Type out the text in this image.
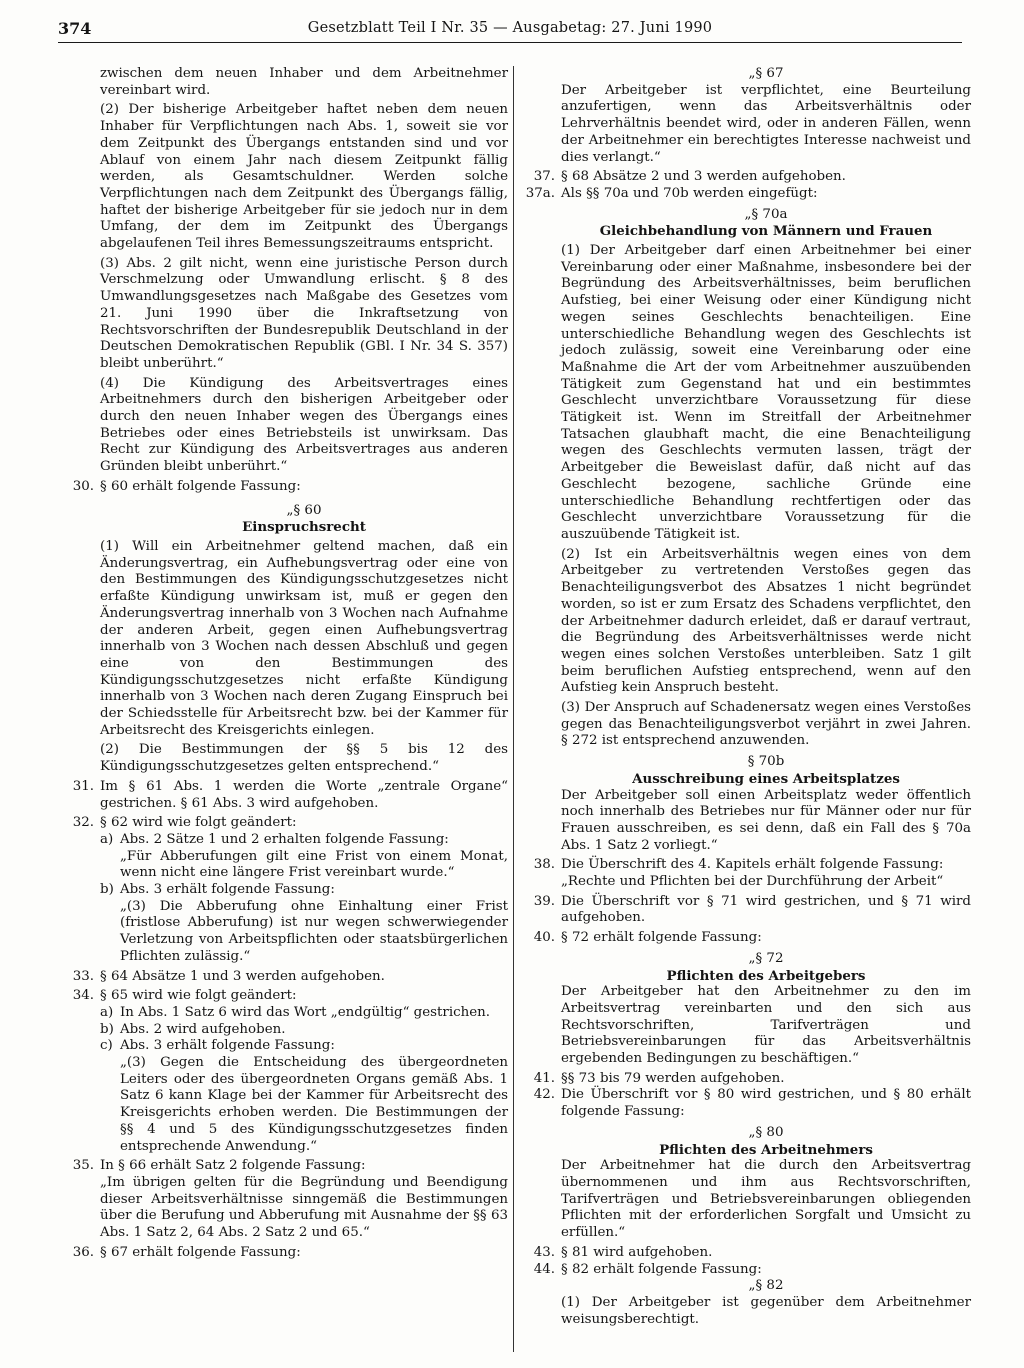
374	Gesetzblatt Teil I Nr. 35 — Ausgabetag: 27. Juni 1990

zwischen dem neuen Inhaber und dem Arbeitnehmer vereinbart wird.

(2) Der bisherige Arbeitgeber haftet neben dem neuen Inhaber für Verpflichtungen nach Abs. 1, soweit sie vor dem Zeitpunkt des Übergangs entstanden sind und vor Ablauf von einem Jahr nach diesem Zeitpunkt fällig werden, als Gesamtschuldner. Werden solche Verpflichtungen nach dem Zeitpunkt des Übergangs fällig, haftet der bisherige Arbeitgeber für sie jedoch nur in dem Umfang, der dem im Zeitpunkt des Übergangs abgelaufenen Teil ihres Bemessungszeitraums entspricht.

(3) Abs. 2 gilt nicht, wenn eine juristische Person durch Verschmelzung oder Umwandlung erlischt. § 8 des Umwandlungsgesetzes nach Maßgabe des Gesetzes vom 21. Juni 1990 über die Inkraftsetzung von Rechtsvorschriften der Bundesrepublik Deutschland in der Deutschen Demokratischen Republik (GBl. I Nr. 34 S. 357) bleibt unberührt.“

(4) Die Kündigung des Arbeitsvertrages eines Arbeitnehmers durch den bisherigen Arbeitgeber oder durch den neuen Inhaber wegen des Übergangs eines Betriebes oder eines Betriebsteils ist unwirksam. Das Recht zur Kündigung des Arbeitsvertrages aus anderen Gründen bleibt unberührt.“

30. § 60 erhält folgende Fassung:
„§ 60
Einspruchsrecht

(1) Will ein Arbeitnehmer geltend machen, daß ein Änderungsvertrag, ein Aufhebungsvertrag oder eine von den Bestimmungen des Kündigungsschutzgesetzes nicht erfaßte Kündigung unwirksam ist, muß er gegen den Änderungsvertrag innerhalb von 3 Wochen nach Aufnahme der anderen Arbeit, gegen einen Aufhebungsvertrag innerhalb von 3 Wochen nach dessen Abschluß und gegen eine von den Bestimmungen des Kündigungsschutzgesetzes nicht erfaßte Kündigung innerhalb von 3 Wochen nach deren Zugang Einspruch bei der Schiedsstelle für Arbeitsrecht bzw. bei der Kammer für Arbeitsrecht des Kreisgerichts einlegen.

(2) Die Bestimmungen der §§ 5 bis 12 des Kündigungsschutzgesetzes gelten entsprechend.“

31. Im § 61 Abs. 1 werden die Worte „zentrale Organe“ gestrichen. § 61 Abs. 3 wird aufgehoben.
32. § 62 wird wie folgt geändert:
a) Abs. 2 Sätze 1 und 2 erhalten folgende Fassung:

„Für Abberufungen gilt eine Frist von einem Monat, wenn nicht eine längere Frist vereinbart wurde.“

b) Abs. 3 erhält folgende Fassung:

„(3) Die Abberufung ohne Einhaltung einer Frist (fristlose Abberufung) ist nur wegen schwerwiegender Verletzung von Arbeitspflichten oder staatsbürgerlichen Pflichten zulässig.“

33. § 64 Absätze 1 und 3 werden aufgehoben.
34. § 65 wird wie folgt geändert:
a) In Abs. 1 Satz 6 wird das Wort „endgültig“ gestrichen.
b) Abs. 2 wird aufgehoben.
c) Abs. 3 erhält folgende Fassung:

„(3) Gegen die Entscheidung des übergeordneten Leiters oder des übergeordneten Organs gemäß Abs. 1 Satz 6 kann Klage bei der Kammer für Arbeitsrecht des Kreisgerichts erhoben werden. Die Bestimmungen der §§ 4 und 5 des Kündigungsschutzgesetzes finden entsprechende Anwendung.“

35. In § 66 erhält Satz 2 folgende Fassung:

„Im übrigen gelten für die Begründung und Beendigung dieser Arbeitsverhältnisse sinngemäß die Bestimmungen über die Berufung und Abberufung mit Ausnahme der §§ 63 Abs. 1 Satz 2, 64 Abs. 2 Satz 2 und 65.“

36. § 67 erhält folgende Fassung:
„§ 67

Der Arbeitgeber ist verpflichtet, eine Beurteilung anzufertigen, wenn das Arbeitsverhältnis oder Lehrverhältnis beendet wird, oder in anderen Fällen, wenn der Arbeitnehmer ein berechtigtes Interesse nachweist und dies verlangt.“

37. § 68 Absätze 2 und 3 werden aufgehoben.
37a. Als §§ 70a und 70b werden eingefügt:
„§ 70a
Gleichbehandlung von Männern und Frauen

(1) Der Arbeitgeber darf einen Arbeitnehmer bei einer Vereinbarung oder einer Maßnahme, insbesondere bei der Begründung des Arbeitsverhältnisses, beim beruflichen Aufstieg, bei einer Weisung oder einer Kündigung nicht wegen seines Geschlechts benachteiligen. Eine unterschiedliche Behandlung wegen des Geschlechts ist jedoch zulässig, soweit eine Vereinbarung oder eine Maßnahme die Art der vom Arbeitnehmer auszuübenden Tätigkeit zum Gegenstand hat und ein bestimmtes Geschlecht unverzichtbare Voraussetzung für diese Tätigkeit ist. Wenn im Streitfall der Arbeitnehmer Tatsachen glaubhaft macht, die eine Benachteiligung wegen des Geschlechts vermuten lassen, trägt der Arbeitgeber die Beweislast dafür, daß nicht auf das Geschlecht bezogene, sachliche Gründe eine unterschiedliche Behandlung rechtfertigen oder das Geschlecht unverzichtbare Voraussetzung für die auszuübende Tätigkeit ist.

(2) Ist ein Arbeitsverhältnis wegen eines von dem Arbeitgeber zu vertretenden Verstoßes gegen das Benachteiligungsverbot des Absatzes 1 nicht begründet worden, so ist er zum Ersatz des Schadens verpflichtet, den der Arbeitnehmer dadurch erleidet, daß er darauf vertraut, die Begründung des Arbeitsverhältnisses werde nicht wegen eines solchen Verstoßes unterbleiben. Satz 1 gilt beim beruflichen Aufstieg entsprechend, wenn auf den Aufstieg kein Anspruch besteht.

(3) Der Anspruch auf Schadenersatz wegen eines Verstoßes gegen das Benachteiligungsverbot verjährt in zwei Jahren. § 272 ist entsprechend anzuwenden.

§ 70b
Ausschreibung eines Arbeitsplatzes

Der Arbeitgeber soll einen Arbeitsplatz weder öffentlich noch innerhalb des Betriebes nur für Männer oder nur für Frauen ausschreiben, es sei denn, daß ein Fall des § 70a Abs. 1 Satz 2 vorliegt.“

38. Die Überschrift des 4. Kapitels erhält folgende Fassung:

„Rechte und Pflichten bei der Durchführung der Arbeit“

39. Die Überschrift vor § 71 wird gestrichen, und § 71 wird aufgehoben.
40. § 72 erhält folgende Fassung:
„§ 72
Pflichten des Arbeitgebers

Der Arbeitgeber hat den Arbeitnehmer zu den im Arbeitsvertrag vereinbarten und den sich aus Rechtsvorschriften, Tarifverträgen und Betriebsvereinbarungen für das Arbeitsverhältnis ergebenden Bedingungen zu beschäftigen.“

41. §§ 73 bis 79 werden aufgehoben.
42. Die Überschrift vor § 80 wird gestrichen, und § 80 erhält folgende Fassung:
„§ 80
Pflichten des Arbeitnehmers

Der Arbeitnehmer hat die durch den Arbeitsvertrag übernommenen und ihm aus Rechtsvorschriften, Tarifverträgen und Betriebsvereinbarungen obliegenden Pflichten mit der erforderlichen Sorgfalt und Umsicht zu erfüllen.“

43. § 81 wird aufgehoben.
44. § 82 erhält folgende Fassung:
„§ 82

(1) Der Arbeitgeber ist gegenüber dem Arbeitnehmer weisungsberechtigt.
